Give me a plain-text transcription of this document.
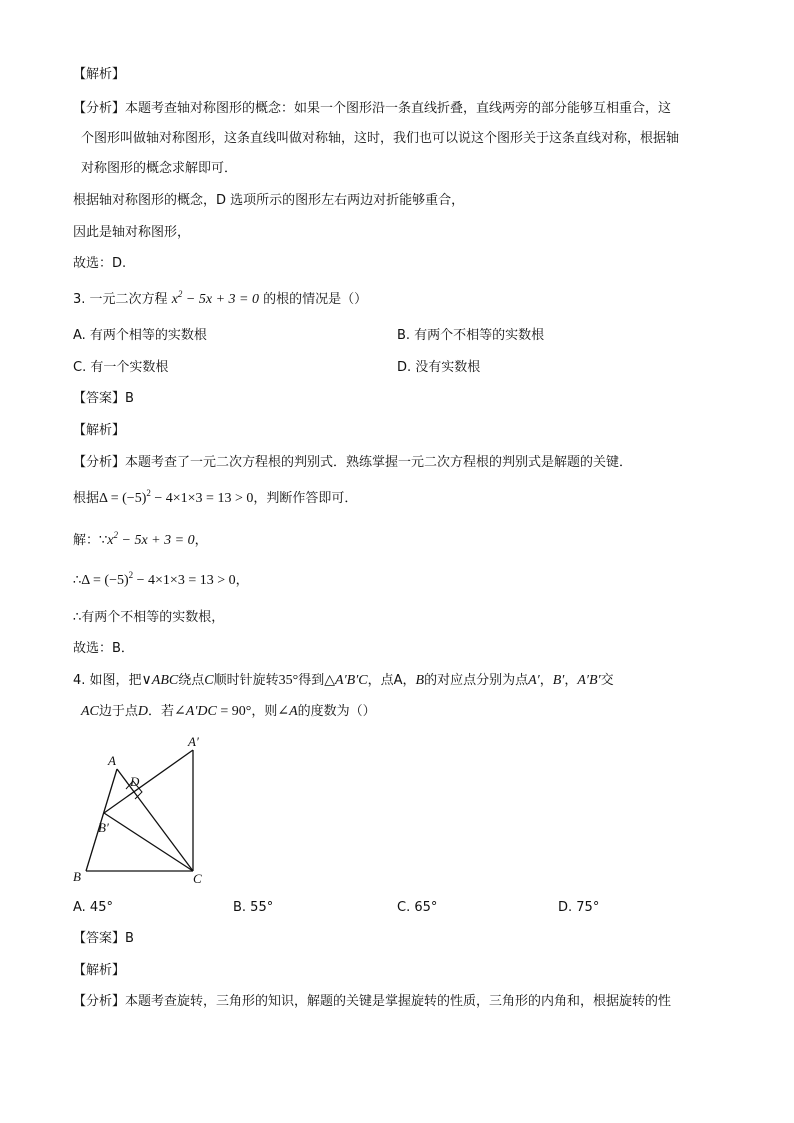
【解析】
【分析】本题考查轴对称图形的概念：如果一个图形沿一条直线折叠，直线两旁的部分能够互相重合，这
个图形叫做轴对称图形，这条直线叫做对称轴，这时，我们也可以说这个图形关于这条直线对称，根据轴
对称图形的概念求解即可．
根据轴对称图形的概念，D 选项所示的图形左右两边对折能够重合，
因此是轴对称图形，
故选：D.
3. 一元二次方程 $x^2 - 5x + 3 = 0$ 的根的情况是（）
A. 有两个相等的实数根	B. 有两个不相等的实数根
C. 有一个实数根	D. 没有实数根
【答案】B
【解析】
【分析】本题考查了一元二次方程根的判别式．熟练掌握一元二次方程根的判别式是解题的关键．
根据$\Delta = (-5)^2 - 4\times 1\times 3 = 13 > 0$，判断作答即可．
解：$\because x^2 - 5x + 3 = 0$，
∴Δ = $(-5)^2 - 4\times 1\times 3 = 13 > 0$，
∴有两个不相等的实数根，
故选：B．
4. 如图，把∨ABC绕点C顺时针旋转35°得到△A′B′C，点A，B的对应点分别为点A′，B′，A′B′交
AC边于点D．若∠A′DC = 90°，则∠A的度数为（）
A′
A
D
B′
B	C
A. 45°	B. 55°	C. 65°	D. 75°
【答案】B
【解析】
【分析】本题考查旋转，三角形的知识，解题的关键是掌握旋转的性质，三角形的内角和，根据旋转的性
